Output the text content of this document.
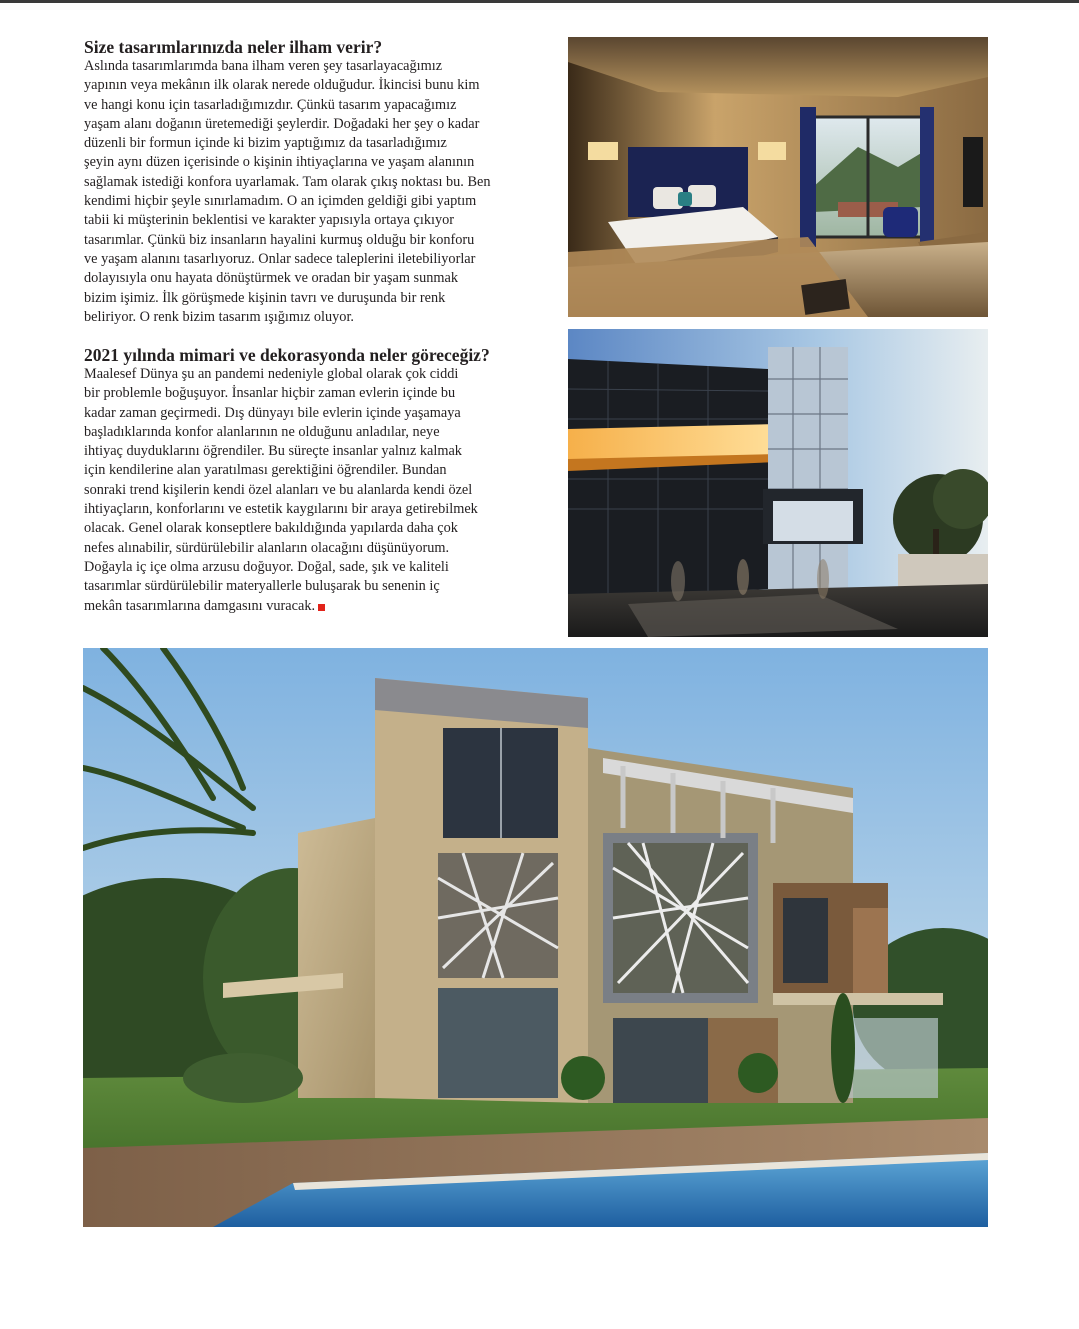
Size tasarımlarınızda neler ilham verir?
Aslında tasarımlarımda bana ilham veren şey tasarlayacağımız
yapının veya mekânın ilk olarak nerede olduğudur. İkincisi bunu kim
ve hangi konu için tasarladığımızdır. Çünkü tasarım yapacağımız
yaşam alanı doğanın üretemediği şeylerdir. Doğadaki her şey o kadar
düzenli bir formun içinde ki bizim yaptığımız da tasarladığımız
şeyin aynı düzen içerisinde o kişinin ihtiyaçlarına ve yaşam alanının
sağlamak istediği konfora uyarlamak. Tam olarak çıkış noktası bu. Ben
kendimi hiçbir şeyle sınırlamadım. O an içimden geldiği gibi yaptım
tabii ki müşterinin beklentisi ve karakter yapısıyla ortaya çıkıyor
tasarımlar. Çünkü biz insanların hayalini kurmuş olduğu bir konforu
ve yaşam alanını tasarlıyoruz. Onlar sadece taleplerini iletebiliyorlar
dolayısıyla onu hayata dönüştürmek ve oradan bir yaşam sunmak
bizim işimiz. İlk görüşmede kişinin tavrı ve duruşunda bir renk
beliriyor. O renk bizim tasarım ışığımız oluyor.
2021 yılında mimari ve dekorasyonda neler göreceğiz?
Maalesef Dünya şu an pandemi nedeniyle global olarak çok ciddi
bir problemle boğuşuyor. İnsanlar hiçbir zaman evlerin içinde bu
kadar zaman geçirmedi. Dış dünyayı bile evlerin içinde yaşamaya
başladıklarında konfor alanlarının ne olduğunu anladılar, neye
ihtiyaç duyduklarını öğrendiler. Bu süreçte insanlar yalnız kalmak
için kendilerine alan yaratılması gerektiğini öğrendiler. Bundan
sonraki trend kişilerin kendi özel alanları ve bu alanlarda kendi özel
ihtiyaçların, konforlarını ve estetik kaygılarını bir araya getirebilmek
olacak. Genel olarak konseptlere bakıldığında yapılarda daha çok
nefes alınabilir, sürdürülebilir alanların olacağını düşünüyorum.
Doğayla iç içe olma arzusu doğuyor. Doğal, sade, şık ve kaliteli
tasarımlar sürdürülebilir materyallerle buluşarak bu senenin iç
mekân tasarımlarına damgasını vuracak.
